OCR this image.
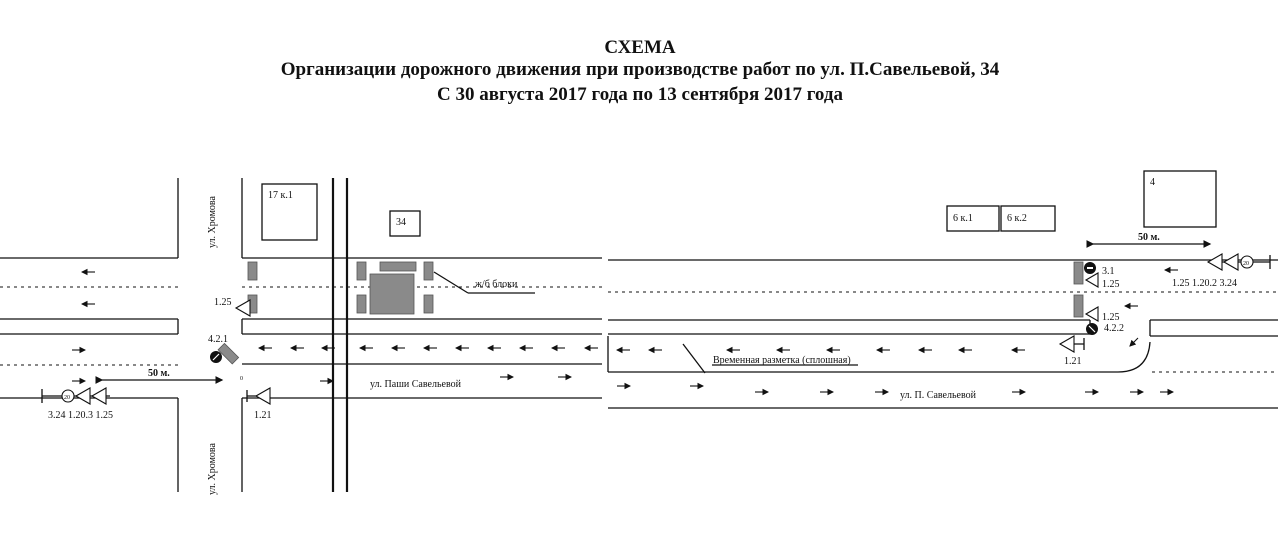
СХЕМА
Организации дорожного движения при производстве работ по ул. П.Савельевой, 34
С 30 августа 2017 года по 13 сентября 2017 года
17 к.1
34	6 к.1	6 к.2
4
ж/б блоки
ул. Хромова
ул. Хромова
ул. Паши Савельевой
ул. П. Савельевой
Временная разметка (сплошная)
50 м.
50 м.
20
3.24 1.20.3 1.25
1.25
4.2.1
0
1.21
20
1.25 1.20.2 3.24
3.1
1.25
1.25
4.2.2
1.21
